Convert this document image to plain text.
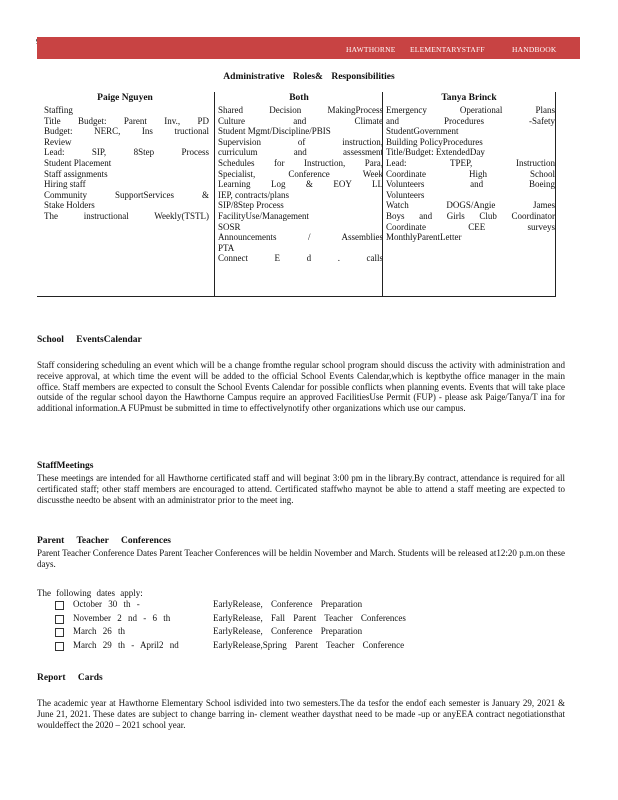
HAWTHORNE ELEMENTARYSTAFF	HANDBOOK
Administrative Roles& Responsibilities
Paige Nguyen
Staffing
Title Budget: Parent Inv., PD
Budget: NERC, Ins tructional
Review
Lead: SIP, 8Step Process
Student Placement
Staff assignments
Hiring staff
Community SupportServices &
Stake Holders
The instructional Weekly(TSTL)
Both
Shared Decision MakingProcess
Culture and Climate
Student Mgmt/Discipline/PBIS
Supervision of instruction,
curriculum and assessment
Schedules for Instruction, Para,
Specialist, Conference Week
Learning Log & EOY LL
IEP, contracts/plans
SIP/8Step Process
FacilityUse/Management
SOSR
Announcements / Assemblies
PTA
Connect E d . calls
Tanya Brinck
Emergency Operational Plans
and Procedures -Safety
StudentGovernment
Building PolicyProcedures
Title/Budget: ExtendedDay
Lead: TPEP, Instruction
Coordinate High School
Volunteers and Boeing
Volunteers
Watch DOGS/Angie James
Boys and Girls Club Coordinator
Coordinate CEE surveys
MonthlyParentLetter
School EventsCalendar

Staff considering scheduling an event which will be a change fromthe regular school program should discuss the activity with administration and receive approval, at which time the event will be added to the official School Events Calendar,which is keptbythe office manager in the main office. Staff members are expected to consult the School Events Calendar for possible conflicts when planning events. Events that will take place outside of the regular school dayon the Hawthorne Campus require an approved FacilitiesUse Permit (FUP) - please ask Paige/Tanya/T ina for additional information.A FUPmust be submitted in time to effectivelynotify other organizations which use our campus.

StaffMeetings

These meetings are intended for all Hawthorne certificated staff and will beginat 3:00 pm in the library.By contract, attendance is required for all certificated staff; other staff members are encouraged to attend. Certificated staffwho maynot be able to attend a staff meeting are expected to discussthe needto be absent with an administrator prior to the meet ing.

Parent Teacher Conferences

Parent Teacher Conference Dates Parent Teacher Conferences will be heldin November and March. Students will be released at12:20 p.m.on these days.

The following dates apply:

October 30 th -	EarlyRelease, Conference Preparation
November 2 nd - 6 th	EarlyRelease, Fall Parent Teacher Conferences
March 26 th	EarlyRelease, Conference Preparation
March 29 th - April2 nd	EarlyRelease,Spring Parent Teacher Conference
Report Cards

The academic year at Hawthorne Elementary School isdivided into two semesters.The da tesfor the endof each semester is January 29, 2021 & June 21, 2021. These dates are subject to change barring in- clement weather daysthat need to be made -up or anyEEA contract negotiationsthat wouldeffect the 2020 – 2021 school year.
